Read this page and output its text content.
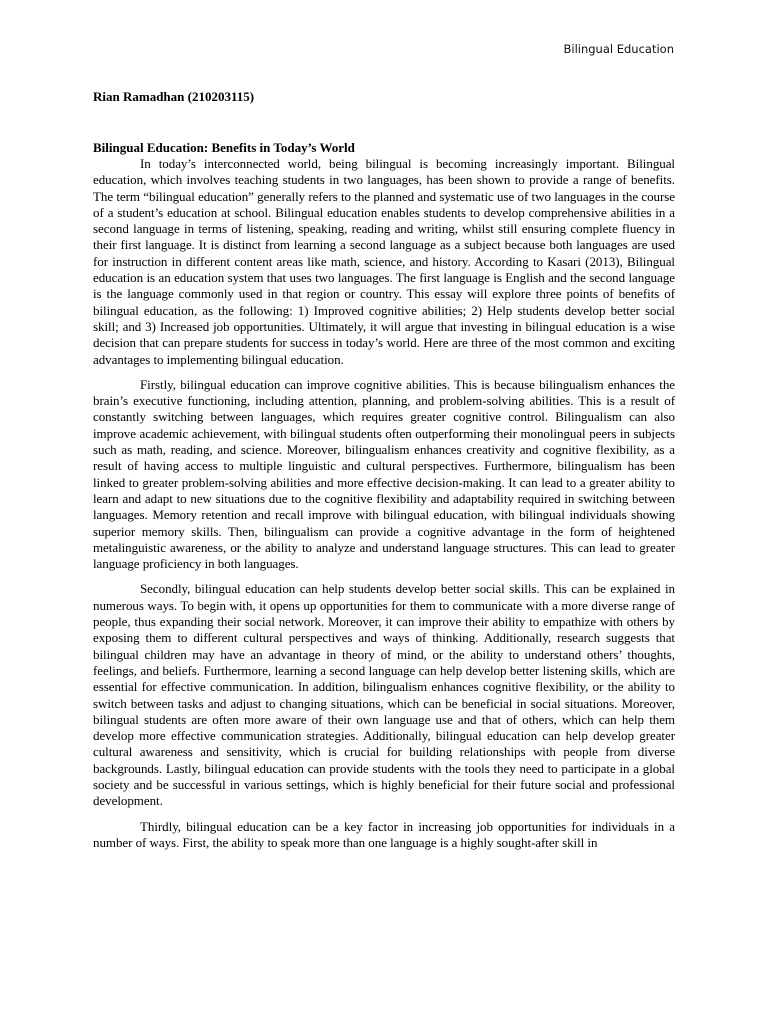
Bilingual Education

Rian Ramadhan (210203115)

Bilingual Education: Benefits in Today’s World

In today’s interconnected world, being bilingual is becoming increasingly important. Bilingual education, which involves teaching students in two languages, has been shown to provide a range of benefits. The term “bilingual education” generally refers to the planned and systematic use of two languages in the course of a student’s education at school. Bilingual education enables students to develop comprehensive abilities in a second language in terms of listening, speaking, reading and writing, whilst still ensuring complete fluency in their first language. It is distinct from learning a second language as a subject because both languages are used for instruction in different content areas like math, science, and history. According to Kasari (2013), Bilingual education is an education system that uses two languages. The first language is English and the second language is the language commonly used in that region or country. This essay will explore three points of benefits of bilingual education, as the following: 1) Improved cognitive abilities; 2) Help students develop better social skill; and 3) Increased job opportunities. Ultimately, it will argue that investing in bilingual education is a wise decision that can prepare students for success in today’s world. Here are three of the most common and exciting advantages to implementing bilingual education.

Firstly, bilingual education can improve cognitive abilities. This is because bilingualism enhances the brain’s executive functioning, including attention, planning, and problem-solving abilities. This is a result of constantly switching between languages, which requires greater cognitive control. Bilingualism can also improve academic achievement, with bilingual students often outperforming their monolingual peers in subjects such as math, reading, and science. Moreover, bilingualism enhances creativity and cognitive flexibility, as a result of having access to multiple linguistic and cultural perspectives. Furthermore, bilingualism has been linked to greater problem-solving abilities and more effective decision-making. It can lead to a greater ability to learn and adapt to new situations due to the cognitive flexibility and adaptability required in switching between languages. Memory retention and recall improve with bilingual education, with bilingual individuals showing superior memory skills. Then, bilingualism can provide a cognitive advantage in the form of heightened metalinguistic awareness, or the ability to analyze and understand language structures. This can lead to greater language proficiency in both languages.

Secondly, bilingual education can help students develop better social skills. This can be explained in numerous ways. To begin with, it opens up opportunities for them to communicate with a more diverse range of people, thus expanding their social network. Moreover, it can improve their ability to empathize with others by exposing them to different cultural perspectives and ways of thinking. Additionally, research suggests that bilingual children may have an advantage in theory of mind, or the ability to understand others’ thoughts, feelings, and beliefs. Furthermore, learning a second language can help develop better listening skills, which are essential for effective communication. In addition, bilingualism enhances cognitive flexibility, or the ability to switch between tasks and adjust to changing situations, which can be beneficial in social situations. Moreover, bilingual students are often more aware of their own language use and that of others, which can help them develop more effective communication strategies. Additionally, bilingual education can help develop greater cultural awareness and sensitivity, which is crucial for building relationships with people from diverse backgrounds. Lastly, bilingual education can provide students with the tools they need to participate in a global society and be successful in various settings, which is highly beneficial for their future social and professional development.

Thirdly, bilingual education can be a key factor in increasing job opportunities for individuals in a number of ways. First, the ability to speak more than one language is a highly sought-after skill in
